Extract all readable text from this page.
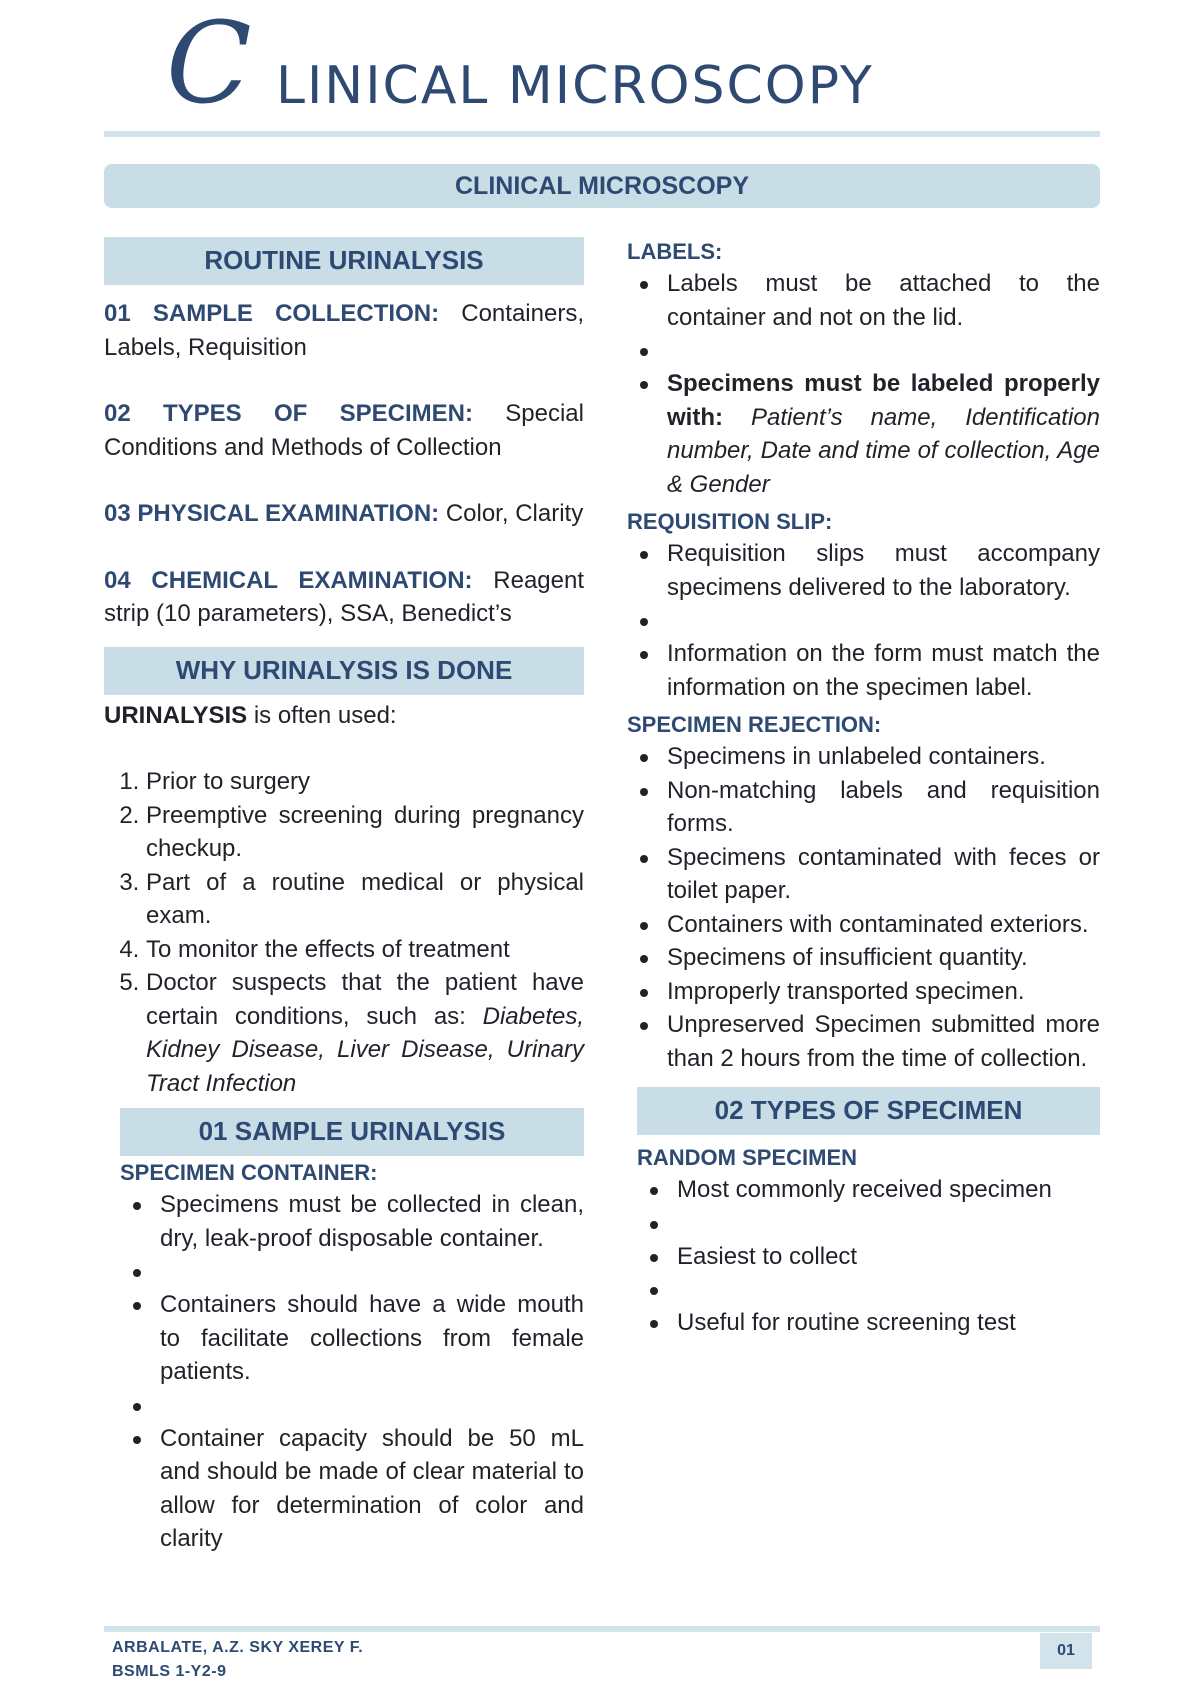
C LINICAL MICROSCOPY
CLINICAL MICROSCOPY
ROUTINE URINALYSIS

01 SAMPLE COLLECTION: Containers, Labels, Requisition

02 TYPES OF SPECIMEN: Special Conditions and Methods of Collection

03 PHYSICAL EXAMINATION: Color, Clarity

04 CHEMICAL EXAMINATION: Reagent strip (10 parameters), SSA, Benedict’s

WHY URINALYSIS IS DONE

URINALYSIS is often used:

1. Prior to surgery
2. Preemptive screening during pregnancy checkup.
3. Part of a routine medical or physical exam.
4. To monitor the effects of treatment
5. Doctor suspects that the patient have certain conditions, such as: Diabetes, Kidney Disease, Liver Disease, Urinary Tract Infection
01 SAMPLE URINALYSIS

SPECIMEN CONTAINER:

Specimens must be collected in clean, dry, leak-proof disposable container.
Containers should have a wide mouth to facilitate collections from female patients.
Container capacity should be 50 mL and should be made of clear material to allow for determination of color and clarity

LABELS:

Labels must be attached to the container and not on the lid.
Specimens must be labeled properly with: Patient’s name, Identification number, Date and time of collection, Age & Gender

REQUISITION SLIP:

Requisition slips must accompany specimens delivered to the laboratory.
Information on the form must match the information on the specimen label.

SPECIMEN REJECTION:

Specimens in unlabeled containers.
Non-matching labels and requisition forms.
Specimens contaminated with feces or toilet paper.
Containers with contaminated exteriors.
Specimens of insufficient quantity.
Improperly transported specimen.
Unpreserved Specimen submitted more than 2 hours from the time of collection.
02 TYPES OF SPECIMEN

RANDOM SPECIMEN

Most commonly received specimen
Easiest to collect
Useful for routine screening test
ARBALATE, A.Z. SKY XEREY F.
BSMLS 1-Y2-9
01
